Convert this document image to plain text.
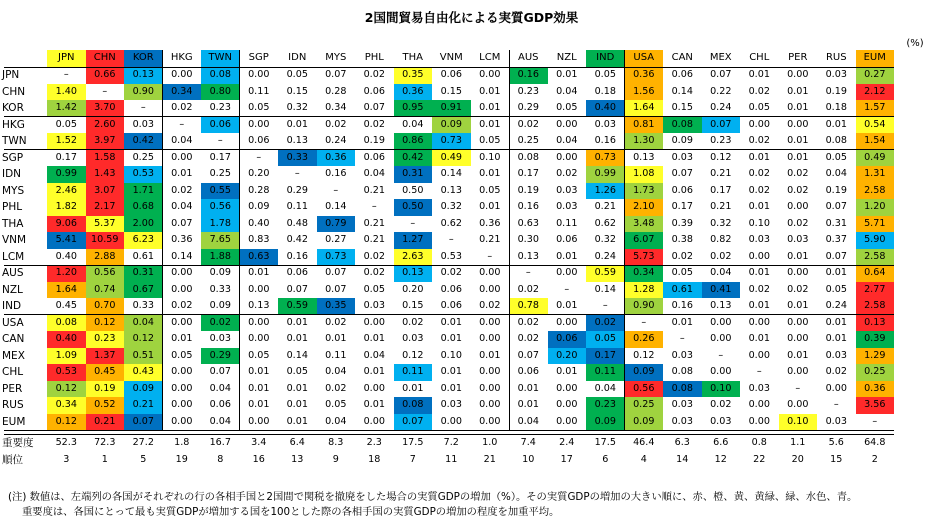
2国間貿易自由化による実質GDP効果
(%)
JPN	CHN	KOR	HKG	TWN	SGP	IDN	MYS	PHL	THA	VNM	LCM	AUS	NZL	IND	USA	CAN	MEX	CHL	PER	RUS	EUM
JPN	–	0.66	0.13	0.00	0.08	0.00	0.05	0.07	0.02	0.35	0.06	0.00	0.16	0.01	0.05	0.36	0.06	0.07	0.01	0.00	0.03	0.27
CHN	1.40	–	0.90	0.34	0.80	0.11	0.15	0.28	0.06	0.36	0.15	0.01	0.23	0.04	0.18	1.56	0.14	0.22	0.02	0.01	0.19	2.12
KOR	1.42	3.70	–	0.02	0.23	0.05	0.32	0.34	0.07	0.95	0.91	0.01	0.29	0.05	0.40	1.64	0.15	0.24	0.05	0.01	0.18	1.57
HKG	0.05	2.60	0.03	–	0.06	0.00	0.01	0.02	0.02	0.04	0.09	0.01	0.02	0.00	0.03	0.81	0.08	0.07	0.00	0.00	0.01	0.54
TWN	1.52	3.97	0.42	0.04	–	0.06	0.13	0.24	0.19	0.86	0.73	0.05	0.25	0.04	0.16	1.30	0.09	0.23	0.02	0.01	0.08	1.54
SGP	0.17	1.58	0.25	0.00	0.17	–	0.33	0.36	0.06	0.42	0.49	0.10	0.08	0.00	0.73	0.13	0.03	0.12	0.01	0.01	0.05	0.49
IDN	0.99	1.43	0.53	0.01	0.25	0.20	–	0.16	0.04	0.31	0.14	0.01	0.17	0.02	0.99	1.08	0.07	0.21	0.02	0.02	0.04	1.31
MYS	2.46	3.07	1.71	0.02	0.55	0.28	0.29	–	0.21	0.50	0.13	0.05	0.19	0.03	1.26	1.73	0.06	0.17	0.02	0.02	0.19	2.58
PHL	1.82	2.17	0.68	0.04	0.56	0.09	0.11	0.14	–	0.50	0.32	0.01	0.16	0.03	0.21	2.10	0.17	0.21	0.01	0.00	0.07	1.20
THA	9.06	5.37	2.00	0.07	1.78	0.40	0.48	0.79	0.21	–	0.62	0.36	0.63	0.11	0.62	3.48	0.39	0.32	0.10	0.02	0.31	5.71
VNM	5.41	10.59	6.23	0.36	7.65	0.83	0.42	0.27	0.21	1.27	–	0.21	0.30	0.06	0.32	6.07	0.38	0.82	0.03	0.03	0.37	5.90
LCM	0.40	2.88	0.61	0.14	1.88	0.63	0.16	0.73	0.02	2.63	0.53	–	0.13	0.01	0.24	5.73	0.02	0.02	0.00	0.01	0.07	2.58
AUS	1.20	0.56	0.31	0.00	0.09	0.01	0.06	0.07	0.02	0.13	0.02	0.00	–	0.00	0.59	0.34	0.05	0.04	0.01	0.00	0.01	0.64
NZL	1.64	0.74	0.67	0.00	0.33	0.00	0.07	0.07	0.05	0.20	0.06	0.00	0.02	–	0.14	1.28	0.61	0.41	0.02	0.02	0.05	2.77
IND	0.45	0.70	0.33	0.02	0.09	0.13	0.59	0.35	0.03	0.15	0.06	0.02	0.78	0.01	–	0.90	0.16	0.13	0.01	0.01	0.24	2.58
USA	0.08	0.12	0.04	0.00	0.02	0.00	0.01	0.02	0.00	0.02	0.01	0.00	0.02	0.00	0.02	–	0.01	0.00	0.00	0.00	0.01	0.13
CAN	0.40	0.23	0.12	0.01	0.03	0.00	0.01	0.01	0.01	0.03	0.01	0.00	0.02	0.06	0.05	0.26	–	0.00	0.01	0.00	0.01	0.39
MEX	1.09	1.37	0.51	0.05	0.29	0.05	0.14	0.11	0.04	0.12	0.10	0.01	0.07	0.20	0.17	0.12	0.03	–	0.00	0.01	0.03	1.29
CHL	0.53	0.45	0.43	0.00	0.07	0.01	0.05	0.04	0.01	0.11	0.01	0.00	0.06	0.01	0.11	0.09	0.08	0.00	–	0.00	0.02	0.25
PER	0.12	0.19	0.09	0.00	0.04	0.01	0.01	0.02	0.00	0.01	0.01	0.00	0.01	0.00	0.04	0.56	0.08	0.10	0.03	–	0.00	0.36
RUS	0.34	0.52	0.21	0.00	0.06	0.01	0.01	0.05	0.01	0.08	0.03	0.00	0.01	0.00	0.23	0.25	0.03	0.02	0.00	0.00	–	3.56
EUM	0.12	0.21	0.07	0.00	0.04	0.00	0.01	0.04	0.00	0.07	0.00	0.00	0.04	0.00	0.09	0.09	0.03	0.03	0.00	0.10	0.03	–
重要度	52.3	72.3	27.2	1.8	16.7	3.4	6.4	8.3	2.3	17.5	7.2	1.0	7.4	2.4	17.5	46.4	6.3	6.6	0.8	1.1	5.6	64.8
順位	3	1	5	19	8	16	13	9	18	7	11	21	10	17	6	4	14	12	22	20	15	2
(注) 数値は、左端列の各国がそれぞれの行の各相手国と2国間で関税を撤廃をした場合の実質GDPの増加（%）。その実質GDPの増加の大きい順に、赤、橙、黄、黄緑、緑、水色、青。
重要度は、各国にとって最も実質GDPが増加する国を100とした際の各相手国の実質GDPの増加の程度を加重平均。
